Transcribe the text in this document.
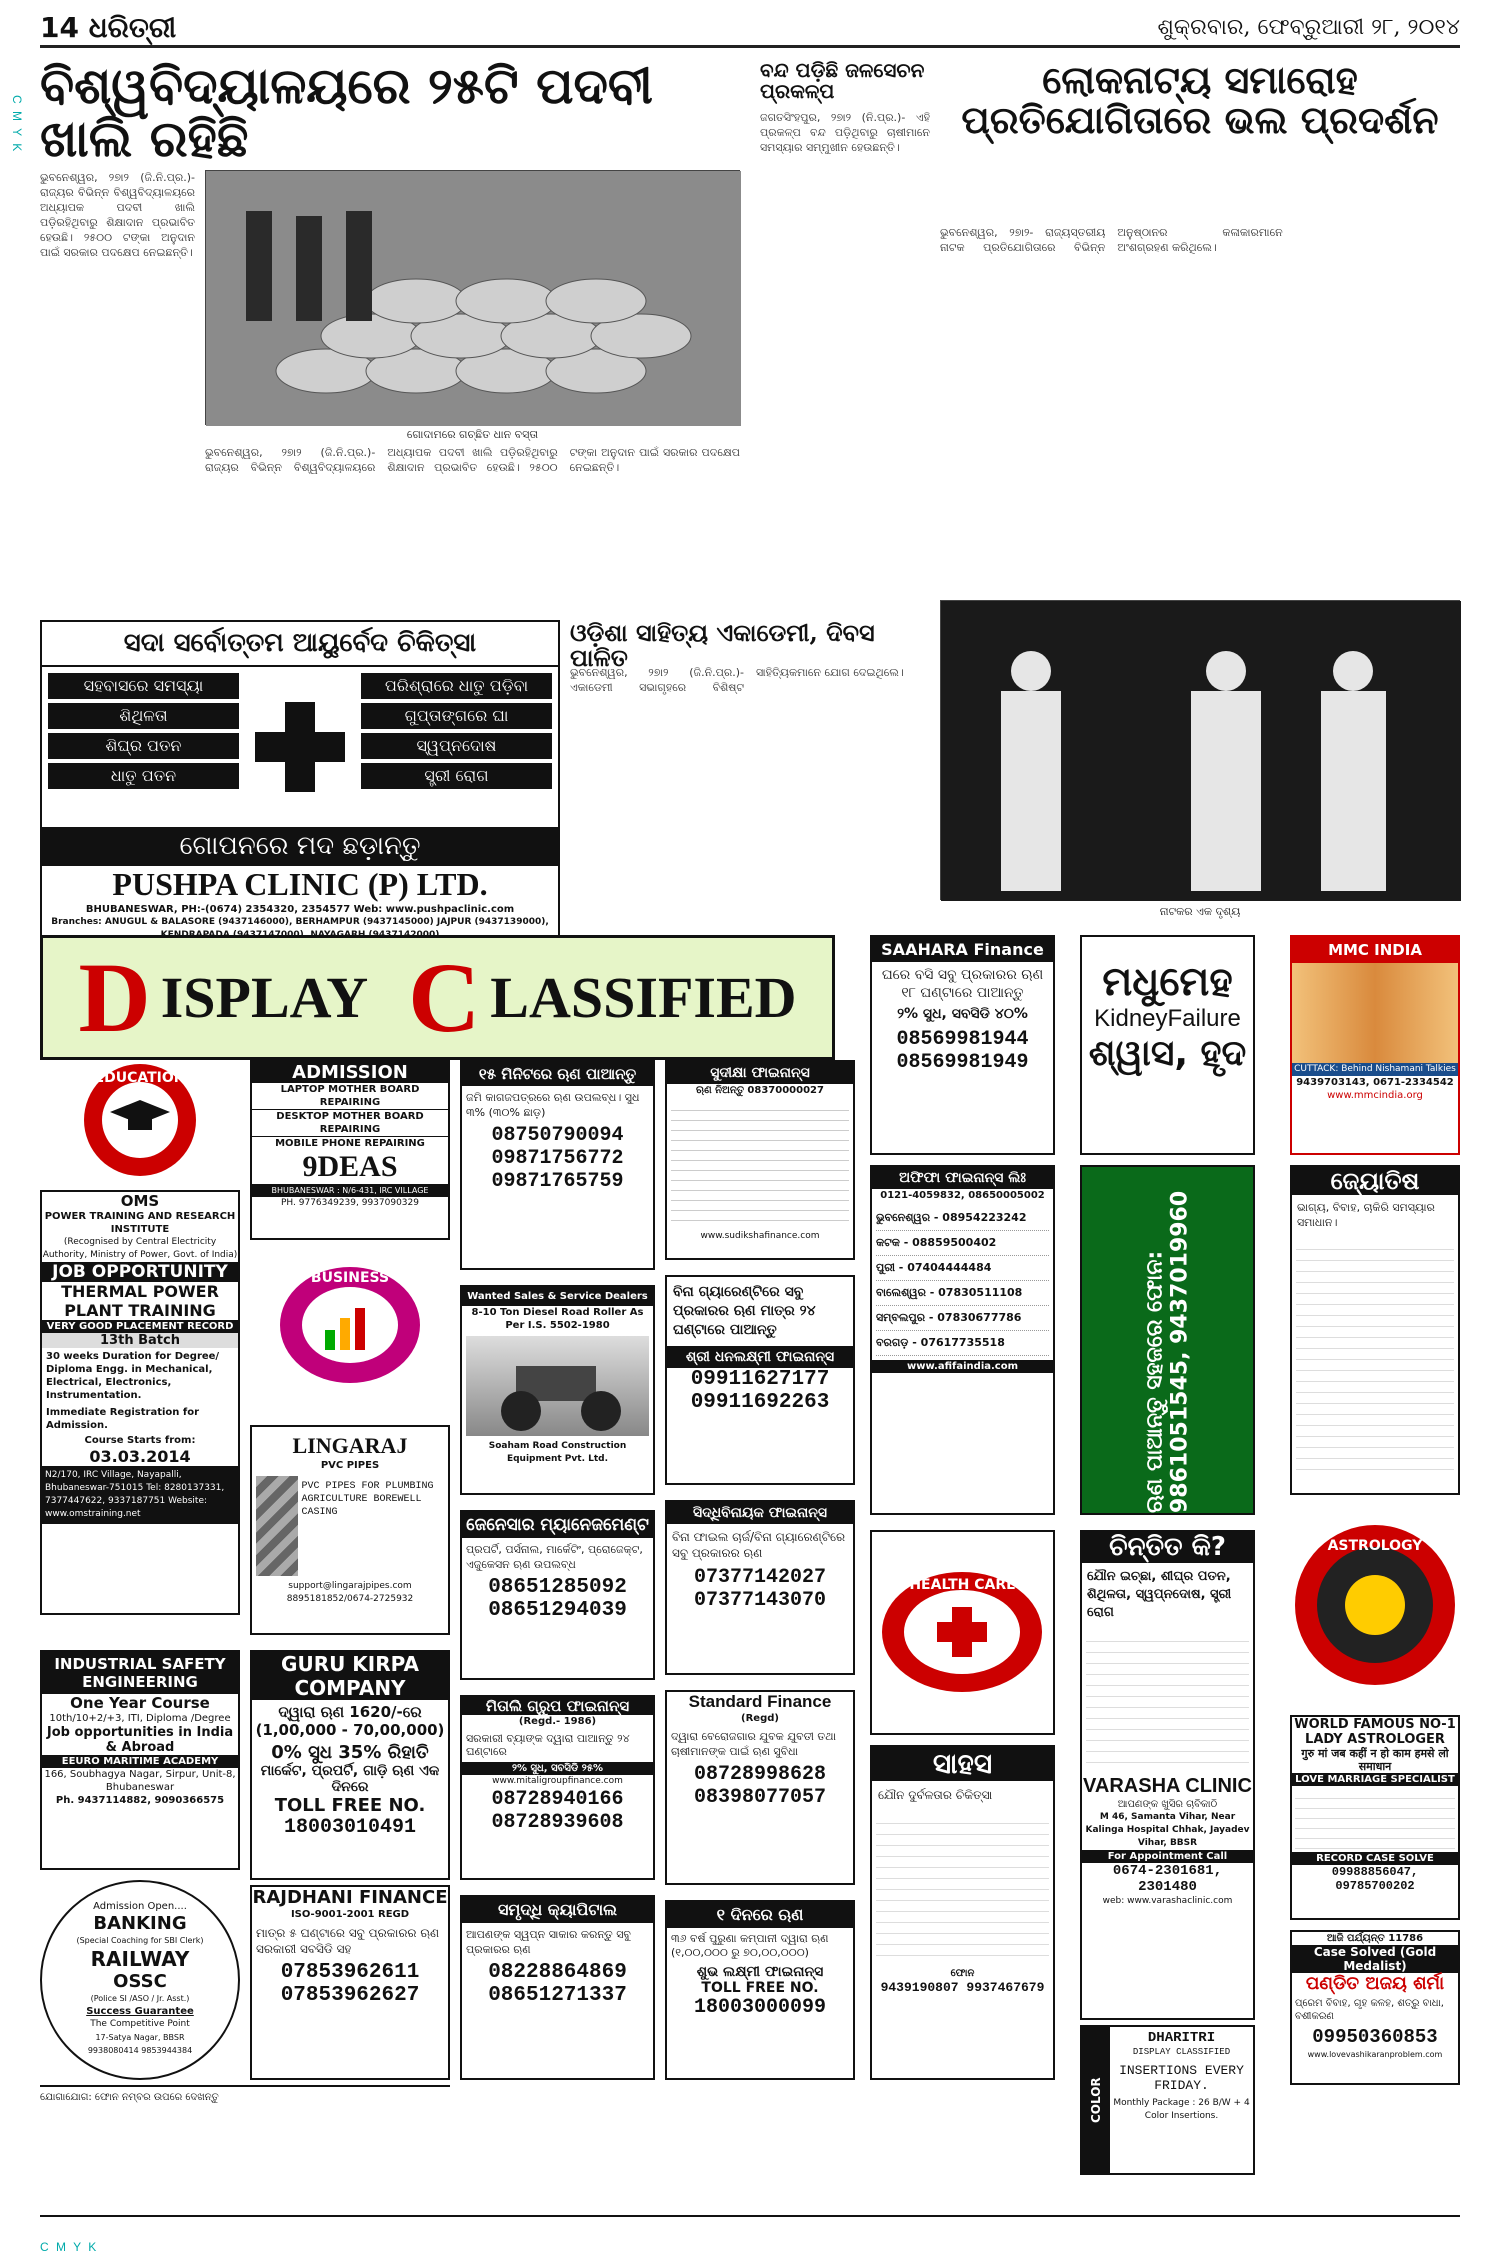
C M Y K
14 ଧରିତ୍ରୀ	ଶୁକ୍ରବାର, ଫେବ୍ରୁଆରୀ ୨୮, ୨୦୧୪
ବିଶ୍ୱବିଦ୍ୟାଳୟରେ ୨୫ଟି ପଦବୀ ଖାଲି ରହିଛି
ଭୁବନେଶ୍ୱର, ୨୭ା୨ (ଜି.ନି.ପ୍ର.)- ରାଜ୍ୟର ବିଭିନ୍ନ ବିଶ୍ୱବିଦ୍ୟାଳୟରେ ଅଧ୍ୟାପକ ପଦବୀ ଖାଲି ପଡ଼ିରହିଥିବାରୁ ଶିକ୍ଷାଦାନ ପ୍ରଭାବିତ ହେଉଛି। ୨୫୦୦ ଟଙ୍କା ଅନୁଦାନ ପାଇଁ ସରକାର ପଦକ୍ଷେପ ନେଇଛନ୍ତି।
ଗୋଦାମରେ ଗଚ୍ଛିତ ଧାନ ବସ୍ତା
ଭୁବନେଶ୍ୱର, ୨୭ା୨ (ଜି.ନି.ପ୍ର.)- ରାଜ୍ୟର ବିଭିନ୍ନ ବିଶ୍ୱବିଦ୍ୟାଳୟରେ ଅଧ୍ୟାପକ ପଦବୀ ଖାଲି ପଡ଼ିରହିଥିବାରୁ ଶିକ୍ଷାଦାନ ପ୍ରଭାବିତ ହେଉଛି। ୨୫୦୦ ଟଙ୍କା ଅନୁଦାନ ପାଇଁ ସରକାର ପଦକ୍ଷେପ ନେଇଛନ୍ତି।
ବନ୍ଦ ପଡ଼ିଛି ଜଳସେଚନ ପ୍ରକଳ୍ପ
ଜଗତସିଂହପୁର, ୨୭ା୨ (ନି.ପ୍ର.)- ଏହି ପ୍ରକଳ୍ପ ବନ୍ଦ ପଡ଼ିଥିବାରୁ ଚାଷୀମାନେ ସମସ୍ୟାର ସମ୍ମୁଖୀନ ହେଉଛନ୍ତି।
ଲୋକନାଟ୍ୟ ସମାରୋହ ପ୍ରତିଯୋଗିତାରେ ଭଲ ପ୍ରଦର୍ଶନ
ଭୁବନେଶ୍ୱର, ୨୭ା୨- ରାଜ୍ୟସ୍ତରୀୟ ନାଟକ ପ୍ରତିଯୋଗିତାରେ ବିଭିନ୍ନ ଅନୁଷ୍ଠାନର କଳାକାରମାନେ ଅଂଶଗ୍ରହଣ କରିଥିଲେ।
ସଦା ସର୍ବୋତ୍ତମ ଆୟୁର୍ବେଦ ଚିକିତ୍ସା
ସହବାସରେ ସମସ୍ୟା
ଶିଥିଳତା
ଶିଘ୍ର ପତନ
ଧାତୁ ପତନ
ପରିଶ୍ରାରେ ଧାତୁ ପଡ଼ିବା
ଗୁପ୍ତାଙ୍ଗରେ ଘା
ସ୍ୱପ୍ନଦୋଷ
ସ୍ତ୍ରୀ ରୋଗ
ଗୋପନରେ ମଦ ଛଡ଼ାନ୍ତୁ
PUSHPA CLINIC (P) LTD.
BHUBANESWAR, PH:-(0674) 2354320, 2354577 Web: www.pushpaclinic.com
Branches: ANUGUL & BALASORE (9437146000), BERHAMPUR (9437145000) JAJPUR (9437139000),
ଓଡ଼ିଶା ସାହିତ୍ୟ ଏକାଡେମୀ, ଦିବସ ପାଳିତ
ଭୁବନେଶ୍ୱର, ୨୭ା୨ (ଜି.ନି.ପ୍ର.)- ଏକାଡେମୀ ସଭାଗୃହରେ ବିଶିଷ୍ଟ ସାହିତ୍ୟିକମାନେ ଯୋଗ ଦେଇଥିଲେ।
ନାଟକର ଏକ ଦୃଶ୍ୟ
D ISPLAY C LASSIFIED
SAAHARA Finance
ଘରେ ବସି ସବୁ ପ୍ରକାରର ଋଣ ୧୮ ଘଣ୍ଟାରେ ପାଆନ୍ତୁ
୨% ସୁଧ, ସବସିଡି ୪୦%
08569981944
08569981949
ମଧୁମେହ
KidneyFailure
ଶ୍ୱାସ, ହୃଦ
MMC INDIA
CUTTACK: Behind Nishamani Talkies
9439703143, 0671-2334542
www.mmcindia.org
EDUCATION
OMS
POWER TRAINING AND RESEARCH INSTITUTE
(Recognised by Central Electricity Authority, Ministry of Power, Govt. of India)
JOB OPPORTUNITY
THERMAL POWER PLANT TRAINING
VERY GOOD PLACEMENT RECORD
13th Batch
30 weeks Duration for Degree/ Diploma Engg. in Mechanical, Electrical, Electronics, Instrumentation.
Immediate Registration for Admission.
Course Starts from:
03.03.2014
N2/170, IRC Village, Nayapalli, Bhubaneswar-751015 Tel: 8280137331, 7377447622, 9337187751 Website: www.omstraining.net
INDUSTRIAL SAFETY ENGINEERING
One Year Course
10th/10+2/+3, ITI, Diploma /Degree
Job opportunities in India & Abroad
EEURO MARITIME ACADEMY
166, Soubhagya Nagar, Sirpur, Unit-8, Bhubaneswar
Ph. 9437114882, 9090366575
Admission Open....
BANKING
(Special Coaching for SBI Clerk)
RAILWAY
OSSC
(Police SI /ASO / Jr. Asst.)
Success Guarantee
The Competitive Point
17-Satya Nagar, BBSR
9938080414 9853944384
ଯୋଗାଯୋଗ: ଫୋନ ନମ୍ବର ଉପରେ ଦେଖନ୍ତୁ
ADMISSION
LAPTOP MOTHER BOARD REPAIRING
DESKTOP MOTHER BOARD REPAIRING
MOBILE PHONE REPAIRING
9DEAS
BHUBANESWAR : N/6-431, IRC VILLAGE
PH. 9776349239, 9937090329
BUSINESS
LINGARAJ
PVC PIPES
PVC PIPES FOR PLUMBING AGRICULTURE BOREWELL CASING
support@lingarajpipes.com
8895181852/0674-2725932
GURU KIRPA
COMPANY
ଦ୍ୱାରା ଋଣ 1620/-ରେ (1,00,000 - 70,00,000)
0% ସୁଧ 35% ରିହାତି
ମାର୍କେଟ, ପ୍ରପର୍ଟି, ଗାଡ଼ି ଋଣ ଏକ ଦିନରେ
TOLL FREE NO.
18003010491
RAJDHANI FINANCE
ISO-9001-2001 REGD
ମାତ୍ର ୫ ଘଣ୍ଟାରେ ସବୁ ପ୍ରକାରର ଋଣ ସରକାରୀ ସବସିଡି ସହ
07853962611
07853962627
୧୫ ମିନିଟରେ ଋଣ ପାଆନ୍ତୁ
ଜମି କାଗଜପତ୍ରରେ ଋଣ ଉପଲବ୍ଧ। ସୁଧ ୩% (୩୦% ଛାଡ଼)
08750790094
09871756772
09871765759
Wanted Sales & Service Dealers
8-10 Ton Diesel Road Roller As Per I.S. 5502-1980
Soaham Road Construction Equipment Pvt. Ltd.
ଜେନେସାର ମ୍ୟାନେଜମେଣ୍ଟ
ପ୍ରପର୍ଟି, ପର୍ସନାଲ, ମାର୍କେଟିଂ, ପ୍ରୋଜେକ୍ଟ, ଏଜୁକେସନ ଋଣ ଉପଲବ୍ଧ
08651285092
08651294039
ମିତାଲି ଗ୍ରୁପ ଫାଇନାନ୍ସ
(Regd.- 1986)
ସରକାରୀ ବ୍ୟାଙ୍କ ଦ୍ୱାରା ପାଆନ୍ତୁ ୨୪ ଘଣ୍ଟାରେ
୨% ସୁଧ, ସବସିଡି ୨୫%
www.mitaligroupfinance.com
08728940166
08728939608
ସମୃଦ୍ଧି କ୍ୟାପିଟାଲ
ଆପଣଙ୍କ ସ୍ୱପ୍ନ ସାକାର କରନ୍ତୁ ସବୁ ପ୍ରକାରର ଋଣ
08228864869
08651271337
ସୁଦୀକ୍ଷା ଫାଇନାନ୍ସ
ଋଣ ନିଅନ୍ତୁ 08370000027
www.sudikshafinance.com
ବିନା ଗ୍ୟାରେଣ୍ଟିରେ ସବୁ ପ୍ରକାରର ଋଣ ମାତ୍ର ୨୪ ଘଣ୍ଟାରେ ପାଆନ୍ତୁ
ଶ୍ରୀ ଧନଲକ୍ଷ୍ମୀ ଫାଇନାନ୍ସ
09911627177
09911692263
ସିଦ୍ଧିବିନାୟକ ଫାଇନାନ୍ସ
ବିନା ଫାଇଲ ଚାର୍ଜ/ବିନା ଗ୍ୟାରେଣ୍ଟିରେ ସବୁ ପ୍ରକାରର ଋଣ
07377142027
07377143070
Standard Finance
(Regd)
ଦ୍ୱାରା ବେରୋଜଗାର ଯୁବକ ଯୁବତୀ ତଥା ଚାଷୀମାନଙ୍କ ପାଇଁ ଋଣ ସୁବିଧା
08728998628
08398077057
୧ ଦିନରେ ଋଣ
୩୬ ବର୍ଷ ପୁରୁଣା କମ୍ପାନୀ ଦ୍ୱାରା ଋଣ (୧,୦୦,୦୦୦ ରୁ ୭୦,୦୦,୦୦୦)
ଶୁଭ ଲକ୍ଷ୍ମୀ ଫାଇନାନ୍ସ
TOLL FREE NO.
18003000099
ଅଫିଫା ଫାଇନାନ୍ସ ଲିଃ
0121-4059832, 08650005002
ଭୁବନେଶ୍ୱର - 08954223242
କଟକ - 08859500402
ପୁରୀ - 07404444484
ବାଲେଶ୍ୱର - 07830511108
ସମ୍ବଲପୁର - 07830677786
ବରଗଡ଼ - 07617735518
www.afifaindia.com
HEALTH CARE
ସାହସ
ଯୌନ ଦୁର୍ବଳତାର ଚିକିତ୍ସା
ଫୋନ
9439190807 9937467679
ଋଣ ପାଆନ୍ତୁ ସହଜରେ ଫୋନ: 9861051545, 9437019960
ଚିନ୍ତିତ କି?
ଯୌନ ଇଚ୍ଛା, ଶୀଘ୍ର ପତନ, ଶିଥିଳତା, ସ୍ୱପ୍ନଦୋଷ, ସ୍ତ୍ରୀ ରୋଗ
VARASHA CLINIC
ଆପଣଙ୍କ ଖୁସିର ଚାବିକାଠି
M 46, Samanta Vihar, Near Kalinga Hospital Chhak, Jayadev Vihar, BBSR
For Appointment Call
0674-2301681, 2301480
web: www.varashaclinic.com
COLOR
DHARITRI
DISPLAY CLASSIFIED
INSERTIONS EVERY FRIDAY.
Monthly Package : 26 B/W + 4 Color Insertions.
ଜ୍ୟୋତିଷ
ଭାଗ୍ୟ, ବିବାହ, ଚାକିରି ସମସ୍ୟାର ସମାଧାନ।
ASTROLOGY
WORLD FAMOUS NO-1 LADY ASTROLOGER
गुरु मां जब कहीं न हो काम हमसे लो समाधान
LOVE MARRIAGE SPECIALIST
RECORD CASE SOLVE
09988856047, 09785700202
ଆଜି ପର୍ଯ୍ୟନ୍ତ 11786
Case Solved (Gold Medalist)
ପଣ୍ଡିତ ଅଜୟ ଶର୍ମା
ପ୍ରେମ ବିବାହ, ଗୃହ କଳହ, ଶତ୍ରୁ ବାଧା, ବଶୀକରଣ
09950360853
www.lovevashikaranproblem.com
C M Y K
